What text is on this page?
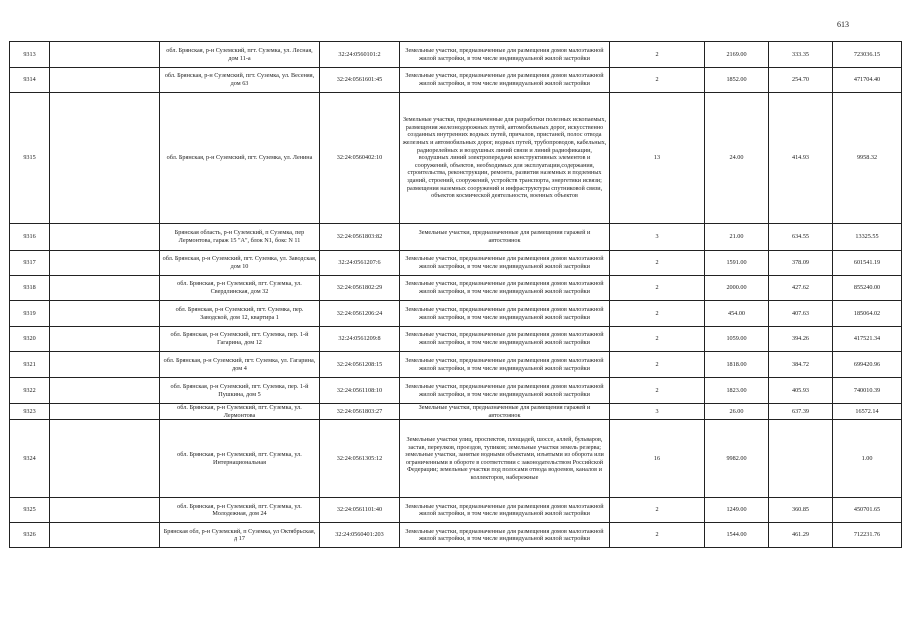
613
9313		обл. Брянская, р-н Суземский, пгт. Суземка, ул. Лесная, дом 11-а	32:24:0560101:2	Земельные участки, предназначенные для размещения домов малоэтажной жилой застройки, в том числе индивидуальной жилой застройки	2	2169.00	333.35	723036.15
9314		обл. Брянская, р-н Суземский, пгт. Суземка, ул. Весеняя, дом 63	32:24:0561601:45	Земельные участки, предназначенные для размещения домов малоэтажной жилой застройки, в том числе индивидуальной жилой застройки	2	1852.00	254.70	471704.40
9315		обл. Брянская, р-н Суземский, пгт. Суземка, ул. Ленина	32:24:0560402:10	Земельные участки, предназначенные для разработки полезных ископаемых, размещения железнодорожных путей, автомобильных дорог, искусственно созданных внутренних водных путей, причалов, пристаней, полос отвода железных и автомобильных дорог, водных путей, трубопроводов, кабельных, радиорелейных и воздушных линий связи и линий радиофикации, воздушных линий электропередачи конструктивных элементов и сооружений, объектов, необходимых для эксплуатации,содержания, строительства, реконструкции, ремонта, развития наземных и подземных зданий, строений, сооружений, устройств транспорта, энергетики исвязи; размещения наземных сооружений и инфраструктуры спутниковой связи, объектов космической деятельности, военных объектов	13	24.00	414.93	9958.32
9316		Брянская область, р-н Суземский, п Суземка, пер Лермонтова, гараж 15 "А", блок N1, бокс N 11	32:24:0561803:82	Земельные участки, предназначенные для размещения гаражей и автостоянок	3	21.00	634.55	13325.55
9317		обл. Брянская, р-н Суземский, пгт. Суземка, ул. Заводская, дом 10	32:24:0561207:6	Земельные участки, предназначенные для размещения домов малоэтажной жилой застройки, в том числе индивидуальной жилой застройки	2	1591.00	378.09	601541.19
9318		обл. Брянская, р-н Суземский, пгт. Суземка, ул. Свердлинская, дом 32	32:24:0561802:29	Земельные участки, предназначенные для размещения домов малоэтажной жилой застройки, в том числе индивидуальной жилой застройки	2	2000.00	427.62	855240.00
9319		обл. Брянская, р-н Суземский, пгт. Суземка, пер. Заводской, дом 12, квартира 1	32:24:0561206:24	Земельные участки, предназначенные для размещения домов малоэтажной жилой застройки, в том числе индивидуальной жилой застройки	2	454.00	407.63	185064.02
9320		обл. Брянская, р-н Суземский, пгт. Суземка, пер. 1-й Гагарина, дом 12	32:24:0561209:8	Земельные участки, предназначенные для размещения домов малоэтажной жилой застройки, в том числе индивидуальной жилой застройки	2	1059.00	394.26	417521.34
9321		обл. Брянская, р-н Суземский, пгт. Суземка, ул. Гагарина, дом 4	32:24:0561208:15	Земельные участки, предназначенные для размещения домов малоэтажной жилой застройки, в том числе индивидуальной жилой застройки	2	1818.00	384.72	699420.96
9322		обл. Брянская, р-н Суземский, пгт. Суземка, пер. 1-й Пушкина, дом 5	32:24:0561108:10	Земельные участки, предназначенные для размещения домов малоэтажной жилой застройки, в том числе индивидуальной жилой застройки	2	1823.00	405.93	740010.39
9323		обл. Брянская, р-н Суземский, пгт. Суземка, ул. Лермонтова	32:24:0561803:27	Земельные участки, предназначенные для размещения гаражей и автостоянок	3	26.00	637.39	16572.14
9324		обл. Брянская, р-н Суземский, пгт. Суземка, ул. Интернациональная	32:24:0561305:12	Земельные участки улиц, проспектов, площадей, шоссе, аллей, бульваров, застав, переулков, проездов, тупиков; земельные участки земель резерва; земельные участки, занятые водными объектами, изъятыми из оборота или ограниченными в обороте в соответствии с законодательством Российской Федерации; земельные участки под полосами отвода водоемов, каналов и коллекторов, набережные	16	9982.00		1.00
9325		обл. Брянская, р-н Суземский, пгт. Суземка, ул. Молодежная, дом 24	32:24:0561101:40	Земельные участки, предназначенные для размещения домов малоэтажной жилой застройки, в том числе индивидуальной жилой застройки	2	1249.00	360.85	450701.65
9326		Брянская обл, р-н Суземский, п Суземка, ул Октябрьская, д 17	32:24:0560401:203	Земельные участки, предназначенные для размещения домов малоэтажной жилой застройки, в том числе индивидуальной жилой застройки	2	1544.00	461.29	712231.76
